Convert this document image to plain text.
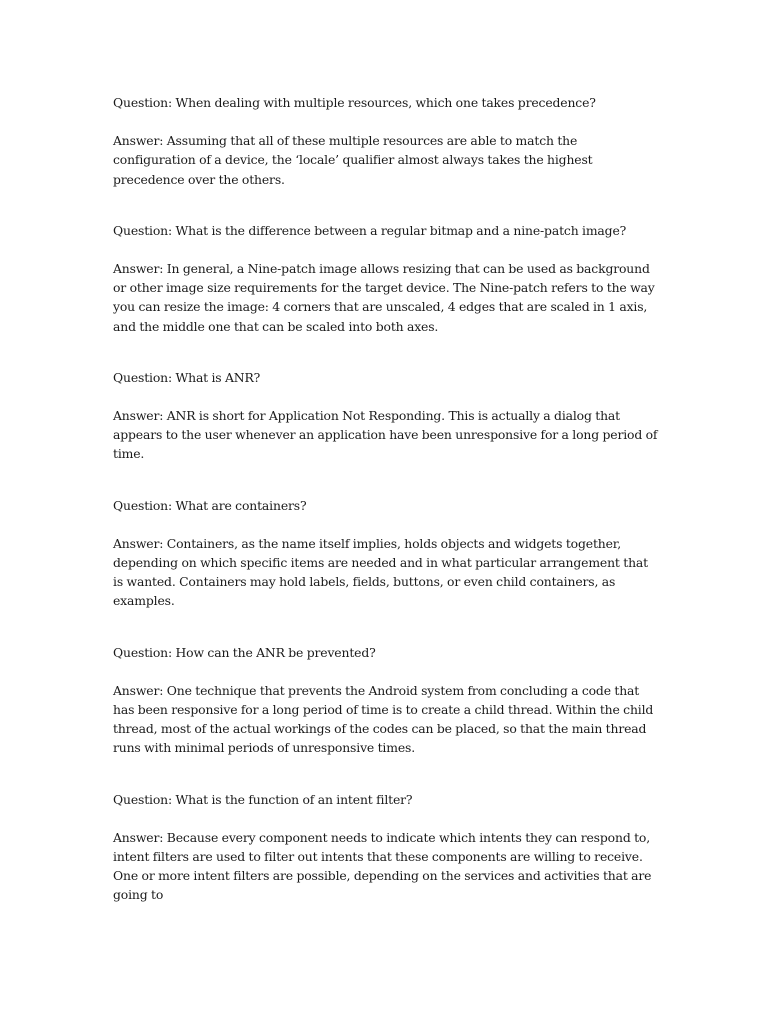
Question: When dealing with multiple resources, which one takes precedence?

Answer: Assuming that all of these multiple resources are able to match the configuration of a device, the ‘locale’ qualifier almost always takes the highest precedence over the others.

Question: What is the difference between a regular bitmap and a nine-patch image?

Answer: In general, a Nine-patch image allows resizing that can be used as background or other image size requirements for the target device. The Nine-patch refers to the way you can resize the image: 4 corners that are unscaled, 4 edges that are scaled in 1 axis, and the middle one that can be scaled into both axes.

Question: What is ANR?

Answer: ANR is short for Application Not Responding. This is actually a dialog that appears to the user whenever an application have been unresponsive for a long period of time.

Question: What are containers?

Answer: Containers, as the name itself implies, holds objects and widgets together, depending on which specific items are needed and in what particular arrangement that is wanted. Containers may hold labels, fields, buttons, or even child containers, as examples.

Question: How can the ANR be prevented?

Answer: One technique that prevents the Android system from concluding a code that has been responsive for a long period of time is to create a child thread. Within the child thread, most of the actual workings of the codes can be placed, so that the main thread runs with minimal periods of unresponsive times.

Question: What is the function of an intent filter?

Answer: Because every component needs to indicate which intents they can respond to, intent filters are used to filter out intents that these components are willing to receive. One or more intent filters are possible, depending on the services and activities that are going to
